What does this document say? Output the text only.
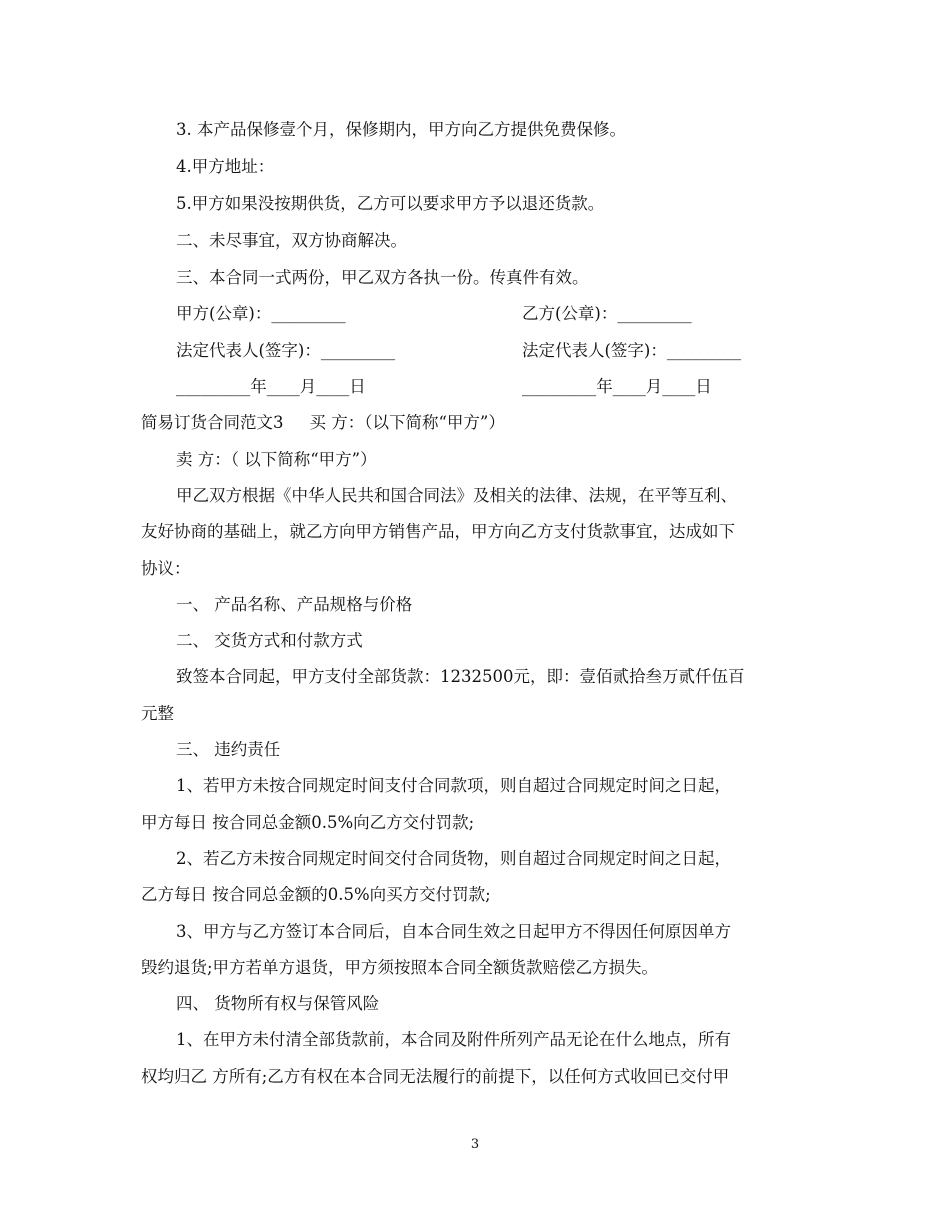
3. 本产品保修壹个月，保修期内，甲方向乙方提供免费保修。
4.甲方地址：
5.甲方如果没按期供货，乙方可以要求甲方予以退还货款。
二、未尽事宜，双方协商解决。
三、本合同一式两份，甲乙双方各执一份。传真件有效。
甲方(公章)：_________	乙方(公章)：_________
法定代表人(签字)：_________	法定代表人(签字)：_________
_________年____月____日	_________年____月____日
简易订货合同范文3 买 方：（以下简称“甲方”）
卖 方：（ 以下简称“甲方”）
甲乙双方根据《中华人民共和国合同法》及相关的法律、法规，在平等互利、
友好协商的基础上，就乙方向甲方销售产品，甲方向乙方支付货款事宜，达成如下
协议：
一、 产品名称、产品规格与价格
二、 交货方式和付款方式
致签本合同起，甲方支付全部货款：1232500元，即：壹佰贰拾叁万贰仟伍百
元整
三、 违约责任
1、若甲方未按合同规定时间支付合同款项，则自超过合同规定时间之日起，
甲方每日 按合同总金额0.5%向乙方交付罚款;
2、若乙方未按合同规定时间交付合同货物，则自超过合同规定时间之日起，
乙方每日 按合同总金额的0.5%向买方交付罚款;
3、甲方与乙方签订本合同后，自本合同生效之日起甲方不得因任何原因单方
毁约退货;甲方若单方退货，甲方须按照本合同全额货款赔偿乙方损失。
四、 货物所有权与保管风险
1、在甲方未付清全部货款前，本合同及附件所列产品无论在什么地点，所有
权均归乙 方所有;乙方有权在本合同无法履行的前提下，以任何方式收回已交付甲
3
